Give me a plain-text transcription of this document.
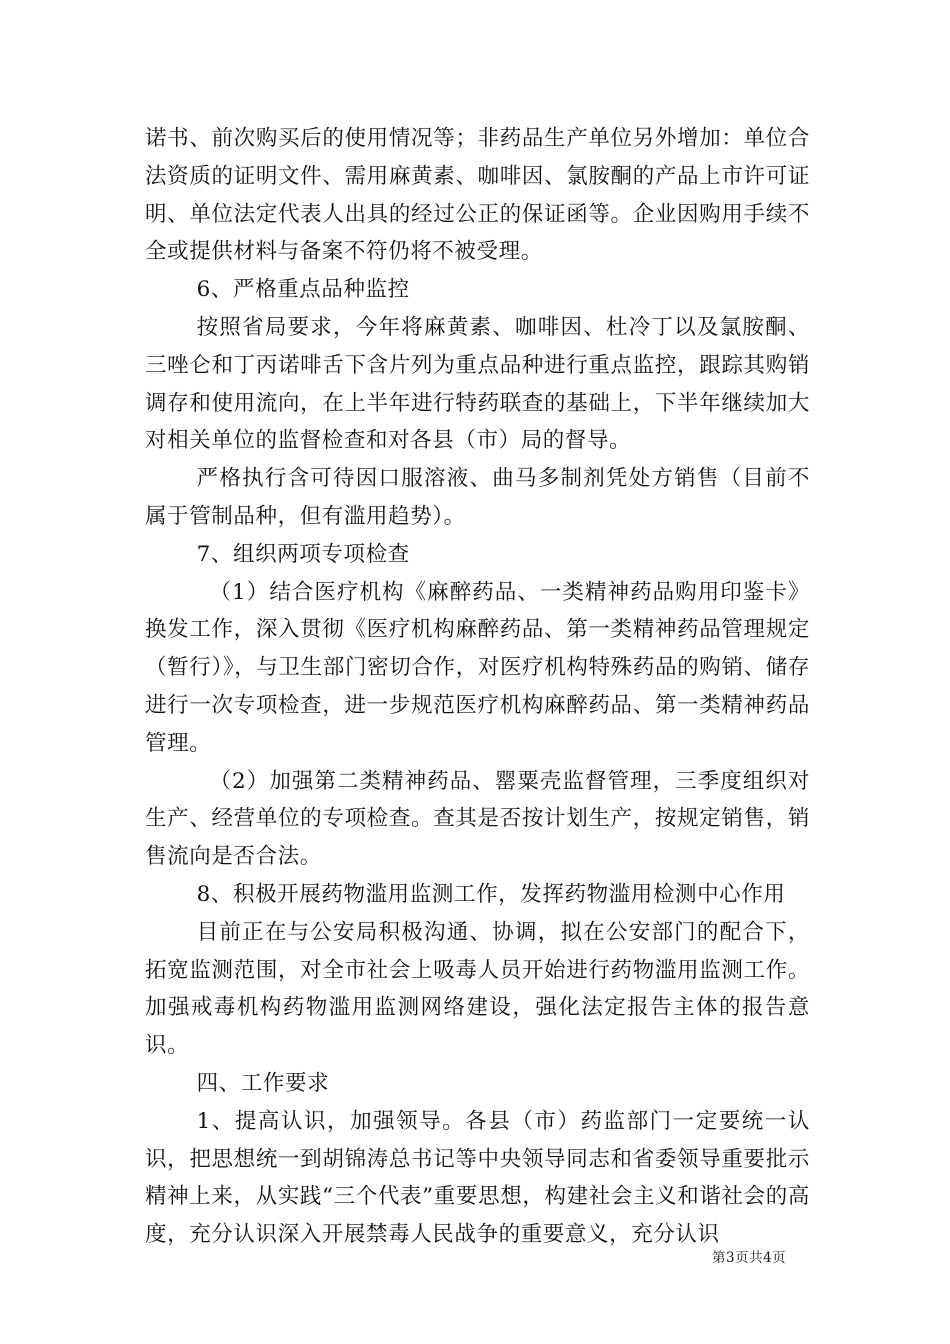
诺书、前次购买后的使用情况等；非药品生产单位另外增加：单位合法资质的证明文件、需用麻黄素、咖啡因、氯胺酮的产品上市许可证明、单位法定代表人出具的经过公正的保证函等。企业因购用手续不全或提供材料与备案不符仍将不被受理。

6、严格重点品种监控

按照省局要求，今年将麻黄素、咖啡因、杜冷丁以及氯胺酮、三唑仑和丁丙诺啡舌下含片列为重点品种进行重点监控，跟踪其购销调存和使用流向，在上半年进行特药联查的基础上，下半年继续加大对相关单位的监督检查和对各县（市）局的督导。

严格执行含可待因口服溶液、曲马多制剂凭处方销售（目前不属于管制品种，但有滥用趋势）。

7、组织两项专项检查

（1）结合医疗机构《麻醉药品、一类精神药品购用印鉴卡》换发工作，深入贯彻《医疗机构麻醉药品、第一类精神药品管理规定（暂行）》，与卫生部门密切合作，对医疗机构特殊药品的购销、储存进行一次专项检查，进一步规范医疗机构麻醉药品、第一类精神药品管理。

（2）加强第二类精神药品、罂粟壳监督管理，三季度组织对生产、经营单位的专项检查。查其是否按计划生产，按规定销售，销售流向是否合法。

8、积极开展药物滥用监测工作，发挥药物滥用检测中心作用

目前正在与公安局积极沟通、协调，拟在公安部门的配合下，拓宽监测范围，对全市社会上吸毒人员开始进行药物滥用监测工作。加强戒毒机构药物滥用监测网络建设，强化法定报告主体的报告意识。

四、工作要求

1、提高认识，加强领导。各县（市）药监部门一定要统一认识，把思想统一到胡锦涛总书记等中央领导同志和省委领导重要批示精神上来，从实践“三个代表”重要思想，构建社会主义和谐社会的高度，充分认识深入开展禁毒人民战争的重要意义，充分认识

第3页共4页
